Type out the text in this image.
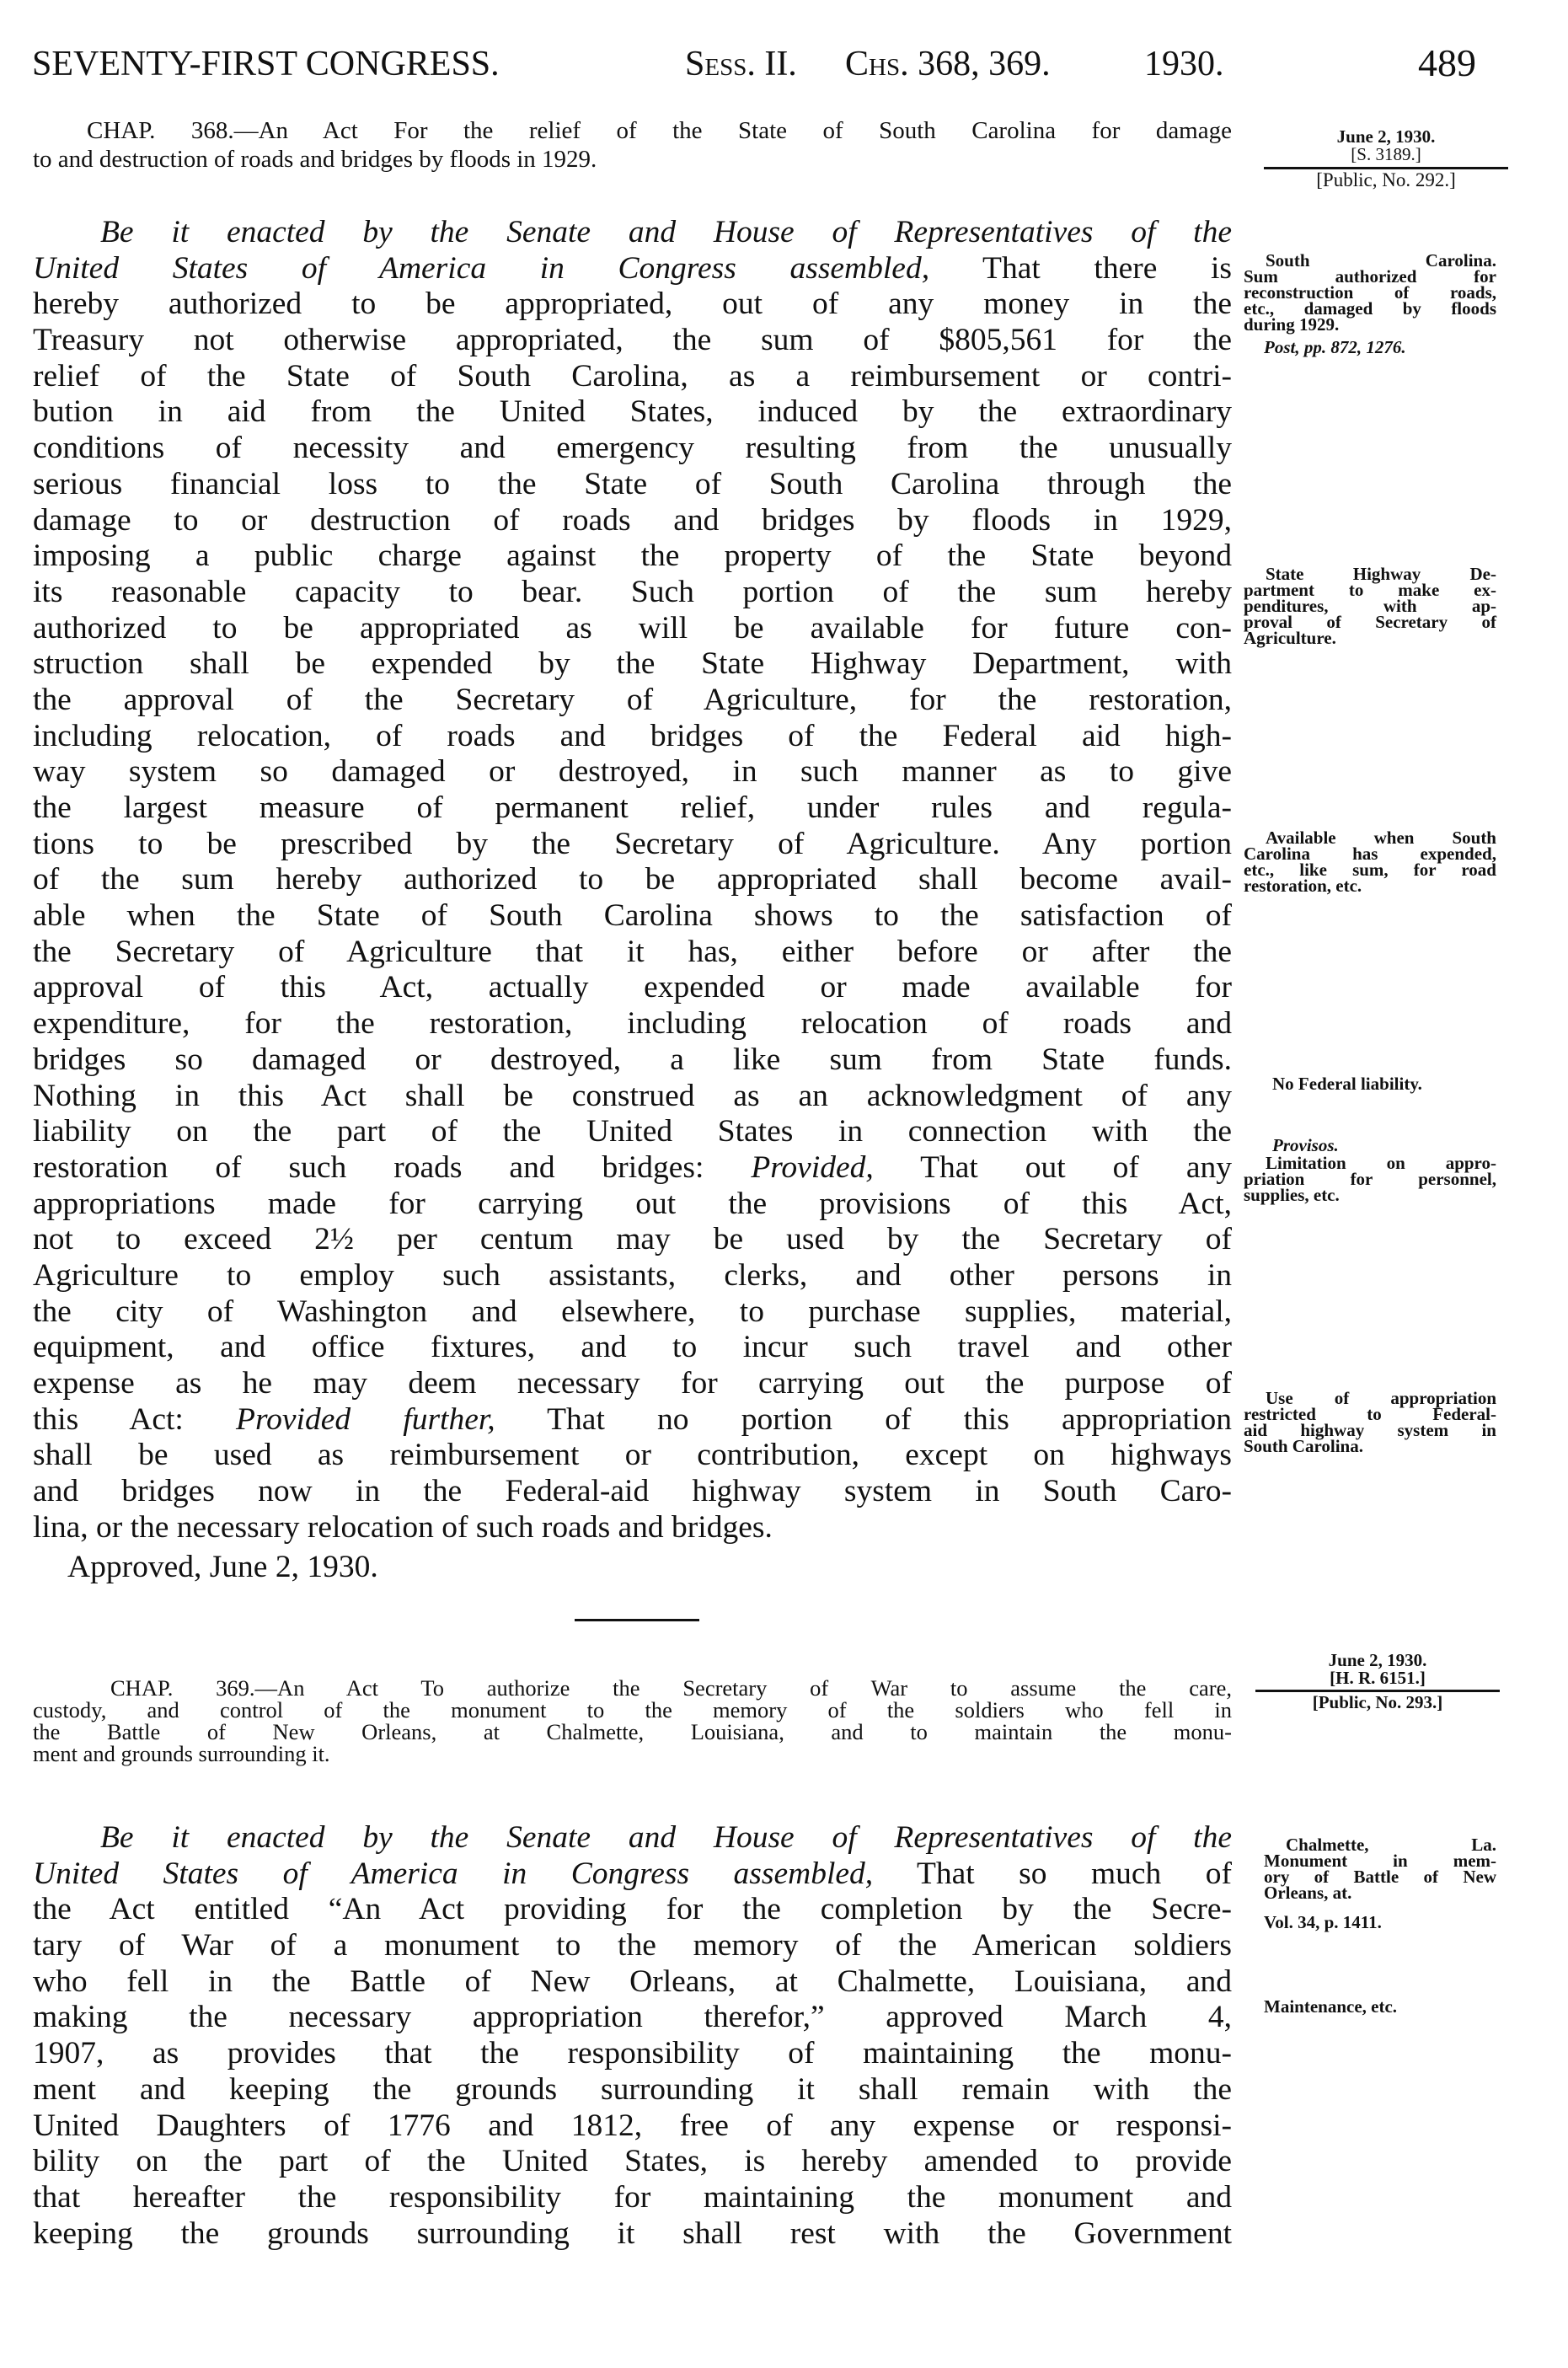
SEVENTY-FIRST CONGRESS.	Sess. II. Chs. 368, 369.	1930.	489
CHAP. 368.—An Act For the relief of the State of South Carolina for damage
to and destruction of roads and bridges by floods in 1929.
June 2, 1930.
[S. 3189.]
[Public, No. 292.]
Be it enacted by the Senate and House of Representatives of the
United States of America in Congress assembled, That there is
hereby authorized to be appropriated, out of any money in the
Treasury not otherwise appropriated, the sum of $805,561 for the
relief of the State of South Carolina, as a reimbursement or contri-
bution in aid from the United States, induced by the extraordinary
conditions of necessity and emergency resulting from the unusually
serious financial loss to the State of South Carolina through the
damage to or destruction of roads and bridges by floods in 1929,
imposing a public charge against the property of the State beyond
its reasonable capacity to bear. Such portion of the sum hereby
authorized to be appropriated as will be available for future con-
struction shall be expended by the State Highway Department, with
the approval of the Secretary of Agriculture, for the restoration,
including relocation, of roads and bridges of the Federal aid high-
way system so damaged or destroyed, in such manner as to give
the largest measure of permanent relief, under rules and regula-
tions to be prescribed by the Secretary of Agriculture. Any portion
of the sum hereby authorized to be appropriated shall become avail-
able when the State of South Carolina shows to the satisfaction of
the Secretary of Agriculture that it has, either before or after the
approval of this Act, actually expended or made available for
expenditure, for the restoration, including relocation of roads and
bridges so damaged or destroyed, a like sum from State funds.
Nothing in this Act shall be construed as an acknowledgment of any
liability on the part of the United States in connection with the
restoration of such roads and bridges: Provided, That out of any
appropriations made for carrying out the provisions of this Act,
not to exceed 2½ per centum may be used by the Secretary of
Agriculture to employ such assistants, clerks, and other persons in
the city of Washington and elsewhere, to purchase supplies, material,
equipment, and office fixtures, and to incur such travel and other
expense as he may deem necessary for carrying out the purpose of
this Act: Provided further, That no portion of this appropriation
shall be used as reimbursement or contribution, except on highways
and bridges now in the Federal-aid highway system in South Caro-
lina, or the necessary relocation of such roads and bridges.
Approved, June 2, 1930.
South Carolina.
Sum authorized for
reconstruction of roads,
etc., damaged by floods
during 1929.
Post, pp. 872, 1276.
State Highway De-
partment to make ex-
penditures, with ap-
proval of Secretary of
Agriculture.
Available when South
Carolina has expended,
etc., like sum, for road
restoration, etc.
No Federal liability.
Provisos.
Limitation on appro-
priation for personnel,
supplies, etc.
Use of appropriation
restricted to Federal-
aid highway system in
South Carolina.
CHAP. 369.—An Act To authorize the Secretary of War to assume the care,
custody, and control of the monument to the memory of the soldiers who fell in
the Battle of New Orleans, at Chalmette, Louisiana, and to maintain the monu-
ment and grounds surrounding it.
June 2, 1930.
[H. R. 6151.]
[Public, No. 293.]
Be it enacted by the Senate and House of Representatives of the
United States of America in Congress assembled, That so much of
the Act entitled “An Act providing for the completion by the Secre-
tary of War of a monument to the memory of the American soldiers
who fell in the Battle of New Orleans, at Chalmette, Louisiana, and
making the necessary appropriation therefor,” approved March 4,
1907, as provides that the responsibility of maintaining the monu-
ment and keeping the grounds surrounding it shall remain with the
United Daughters of 1776 and 1812, free of any expense or responsi-
bility on the part of the United States, is hereby amended to provide
that hereafter the responsibility for maintaining the monument and
keeping the grounds surrounding it shall rest with the Government
Chalmette, La.
Monument in mem-
ory of Battle of New
Orleans, at.
Vol. 34, p. 1411.
Maintenance, etc.
